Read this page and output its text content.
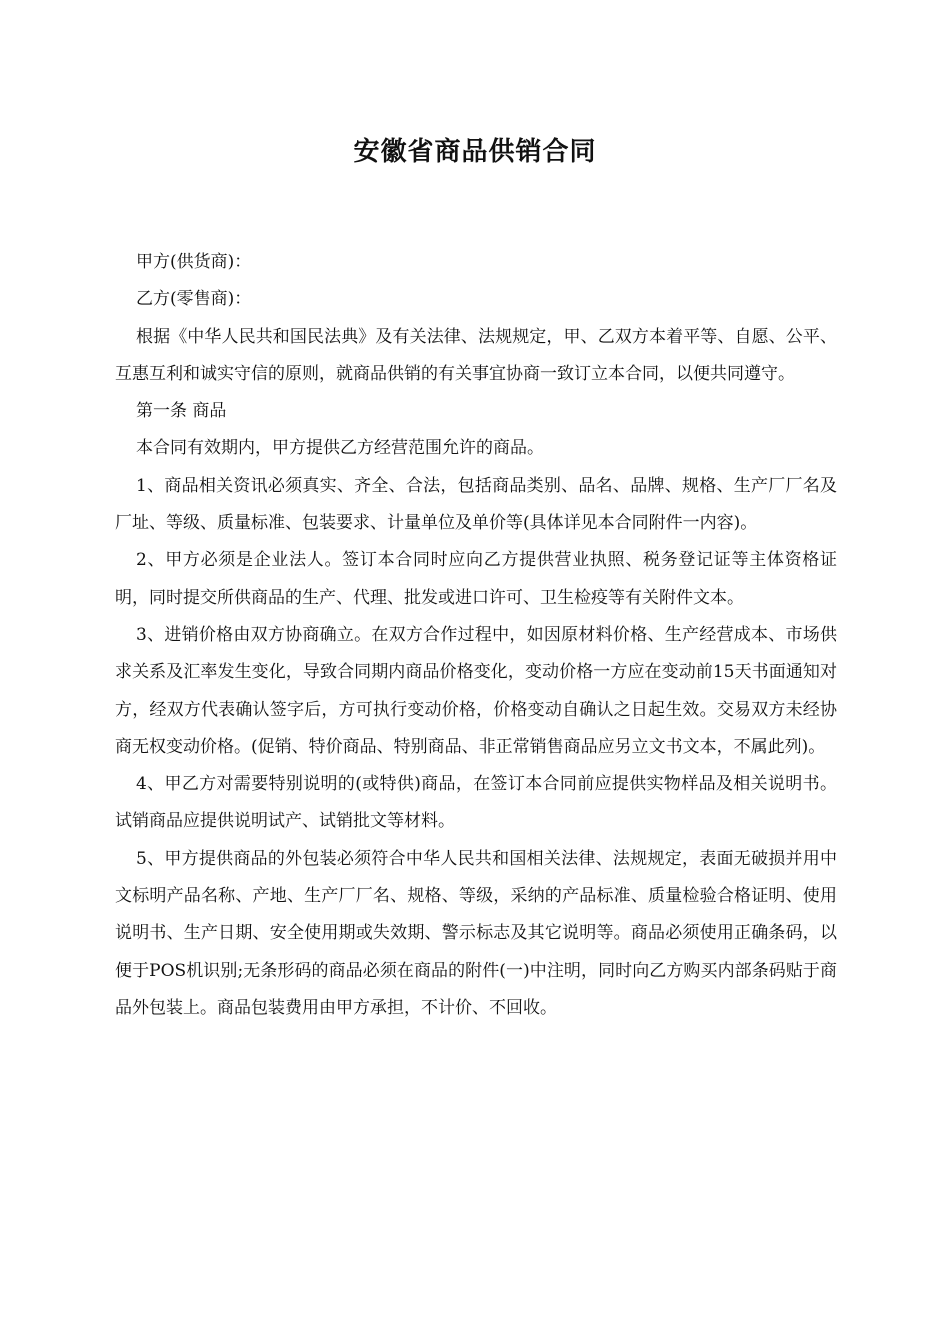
安徽省商品供销合同

甲方(供货商)：

乙方(零售商)：

根据《中华人民共和国民法典》及有关法律、法规规定，甲、乙双方本着平等、自愿、公平、互惠互利和诚实守信的原则，就商品供销的有关事宜协商一致订立本合同，以便共同遵守。

第一条 商品

本合同有效期内，甲方提供乙方经营范围允许的商品。

1、商品相关资讯必须真实、齐全、合法，包括商品类别、品名、品牌、规格、生产厂厂名及厂址、等级、质量标准、包装要求、计量单位及单价等(具体详见本合同附件一内容)。

2、甲方必须是企业法人。签订本合同时应向乙方提供营业执照、税务登记证等主体资格证明，同时提交所供商品的生产、代理、批发或进口许可、卫生检疫等有关附件文本。

3、进销价格由双方协商确立。在双方合作过程中，如因原材料价格、生产经营成本、市场供求关系及汇率发生变化，导致合同期内商品价格变化，变动价格一方应在变动前15天书面通知对方，经双方代表确认签字后，方可执行变动价格，价格变动自确认之日起生效。交易双方未经协商无权变动价格。(促销、特价商品、特别商品、非正常销售商品应另立文书文本，不属此列)。

4、甲乙方对需要特别说明的(或特供)商品，在签订本合同前应提供实物样品及相关说明书。试销商品应提供说明试产、试销批文等材料。

5、甲方提供商品的外包装必须符合中华人民共和国相关法律、法规规定，表面无破损并用中文标明产品名称、产地、生产厂厂名、规格、等级，采纳的产品标准、质量检验合格证明、使用说明书、生产日期、安全使用期或失效期、警示标志及其它说明等。商品必须使用正确条码，以便于POS机识别;无条形码的商品必须在商品的附件(一)中注明，同时向乙方购买内部条码贴于商品外包装上。商品包装费用由甲方承担，不计价、不回收。
